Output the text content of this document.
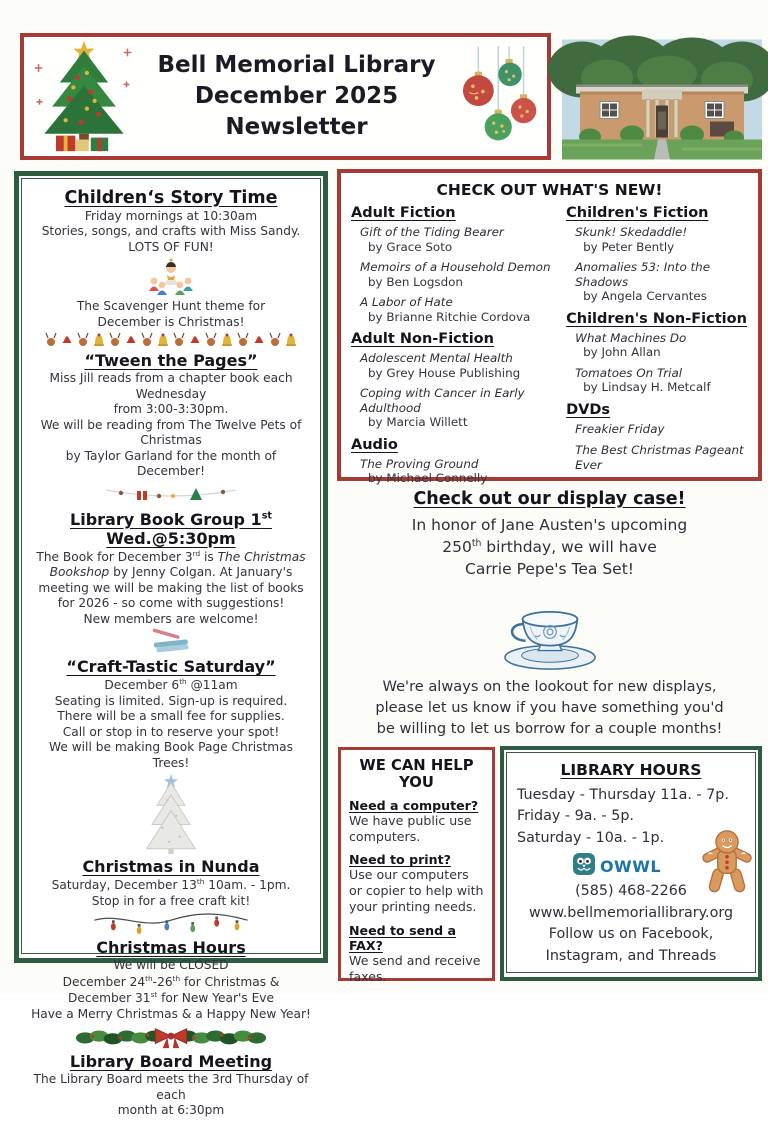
Bell Memorial Library
December 2025
Newsletter
Children‘s Story Time
Friday mornings at 10:30am
Stories, songs, and crafts with Miss Sandy.
LOTS OF FUN!
The Scavenger Hunt theme for
December is Christmas!
“Tween the Pages”
Miss Jill reads from a chapter book each Wednesday
from 3:00-3:30pm.
We will be reading from The Twelve Pets of Christmas
by Taylor Garland for the month of December!
Library Book Group 1st Wed.@5:30pm
The Book for December 3rd is The Christmas Bookshop by Jenny Colgan. At January's meeting we will be making the list of books for 2026 - so come with suggestions!
New members are welcome!
“Craft-Tastic Saturday”
December 6th @11am
Seating is limited. Sign-up is required.
There will be a small fee for supplies.
Call or stop in to reserve your spot!
We will be making Book Page Christmas Trees!
Christmas in Nunda
Saturday, December 13th 10am. - 1pm.
Stop in for a free craft kit!
Christmas Hours
We will be CLOSED
December 24th-26th for Christmas &
December 31st for New Year's Eve
Have a Merry Christmas & a Happy New Year!
Library Board Meeting
The Library Board meets the 3rd Thursday of each
month at 6:30pm
CHECK OUT WHAT'S NEW!
Adult Fiction
Gift of the Tiding Bearer
by Grace Soto
Memoirs of a Household Demon
by Ben Logsdon
A Labor of Hate
by Brianne Ritchie Cordova
Adult Non-Fiction
Adolescent Mental Health
by Grey House Publishing
Coping with Cancer in Early Adulthood
by Marcia Willett
Audio
The Proving Ground
by Michael Connelly
Children's Fiction
Skunk! Skedaddle!
by Peter Bently
Anomalies 53: Into the Shadows
by Angela Cervantes
Children's Non-Fiction
What Machines Do
by John Allan
Tomatoes On Trial
by Lindsay H. Metcalf
DVDs
Freakier Friday
The Best Christmas Pageant Ever
Check out our display case!
In honor of Jane Austen's upcoming
250th birthday, we will have
Carrie Pepe's Tea Set!
We're always on the lookout for new displays,
please let us know if you have something you'd
be willing to let us borrow for a couple months!
WE CAN HELP YOU
Need a computer?
We have public use computers.
Need to print?
Use our computers or copier to help with your printing needs.
Need to send a FAX?
We send and receive faxes.
LIBRARY HOURS
Tuesday - Thursday 11a. - 7p.
Friday - 9a. - 5p.
Saturday - 10a. - 1p.
OWWL
(585) 468-2266
www.bellmemoriallibrary.org
Follow us on Facebook,
Instagram, and Threads
